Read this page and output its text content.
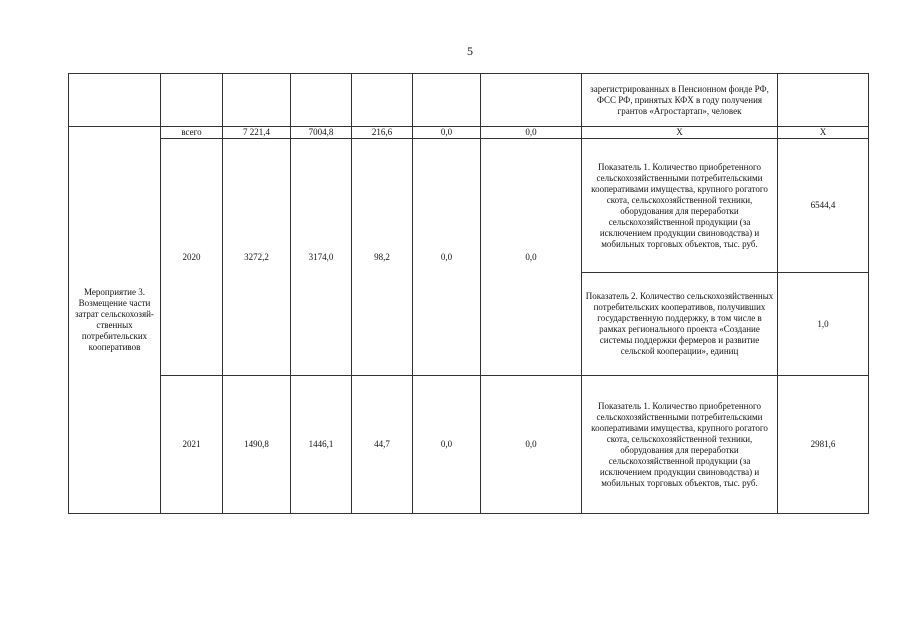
5
							зарегистрированных в Пенсионном фонде РФ, ФСС РФ, принятых КФХ в году получения грантов «Агростартап», человек	
Мероприятие 3. Возмещение части затрат сельскохозяй-ственных потребительских кооперативов	всего	7 221,4	7004,8	216,6	0,0	0,0	Х	Х
	2020	3272,2	3174,0	98,2	0,0	0,0	Показатель 1. Количество приобретенного сельскохозяйственными потребительскими кооперативами имущества, крупного рогатого скота, сельскохозяйственной техники, оборудования для переработки сельскохозяйственной продукции (за исключением продукции свиноводства) и мобильных торговых объектов, тыс. руб.	6544,4
							Показатель 2. Количество сельскохозяйственных потребительских кооперативов, получивших государственную поддержку, в том числе в рамках регионального проекта «Создание системы поддержки фермеров и развитие сельской кооперации», единиц	1,0
	2021	1490,8	1446,1	44,7	0,0	0,0	Показатель 1. Количество приобретенного сельскохозяйственными потребительскими кооперативами имущества, крупного рогатого скота, сельскохозяйственной техники, оборудования для переработки сельскохозяйственной продукции (за исключением продукции свиноводства) и мобильных торговых объектов, тыс. руб.	2981,6
